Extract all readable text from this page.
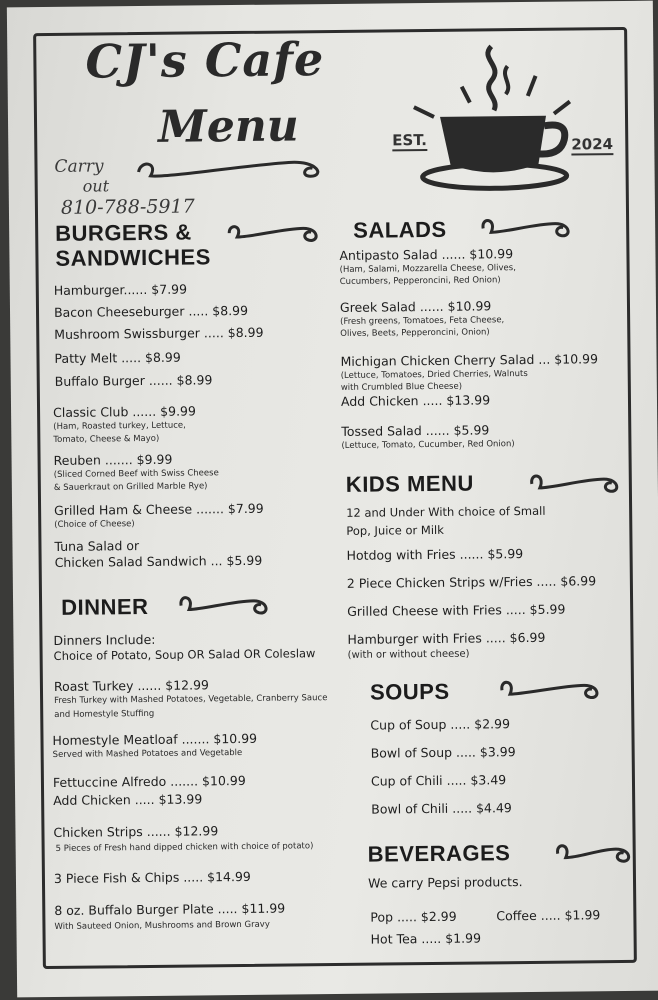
CJ's Cafe
Menu	EST.	2024
Carry
out
810-788-5917
BURGERS &
SANDWICHES
Hamburger...... $7.99
Bacon Cheeseburger ..... $8.99
Mushroom Swissburger ..... $8.99
Patty Melt ..... $8.99
Buffalo Burger ...... $8.99
Classic Club ...... $9.99
(Ham, Roasted turkey, Lettuce,
Tomato, Cheese & Mayo)
Reuben ....... $9.99
(Sliced Corned Beef with Swiss Cheese
& Sauerkraut on Grilled Marble Rye)
Grilled Ham & Cheese ....... $7.99
(Choice of Cheese)
Tuna Salad or
Chicken Salad Sandwich ... $5.99
DINNER
Dinners Include:
Choice of Potato, Soup OR Salad OR Coleslaw
Roast Turkey ...... $12.99
Fresh Turkey with Mashed Potatoes, Vegetable, Cranberry Sauce
and Homestyle Stuffing
Homestyle Meatloaf ....... $10.99
Served with Mashed Potatoes and Vegetable
Fettuccine Alfredo ....... $10.99
Add Chicken ..... $13.99
Chicken Strips ...... $12.99
5 Pieces of Fresh hand dipped chicken with choice of potato)
3 Piece Fish & Chips ..... $14.99
8 oz. Buffalo Burger Plate ..... $11.99
With Sauteed Onion, Mushrooms and Brown Gravy
SALADS
Antipasto Salad ...... $10.99
(Ham, Salami, Mozzarella Cheese, Olives,
Cucumbers, Pepperoncini, Red Onion)
Greek Salad ...... $10.99
(Fresh greens, Tomatoes, Feta Cheese,
Olives, Beets, Pepperoncini, Onion)
Michigan Chicken Cherry Salad ... $10.99
(Lettuce, Tomatoes, Dried Cherries, Walnuts
with Crumbled Blue Cheese)
Add Chicken ..... $13.99
Tossed Salad ...... $5.99
(Lettuce, Tomato, Cucumber, Red Onion)
KIDS MENU
12 and Under With choice of Small
Pop, Juice or Milk
Hotdog with Fries ...... $5.99
2 Piece Chicken Strips w/Fries ..... $6.99
Grilled Cheese with Fries ..... $5.99
Hamburger with Fries ..... $6.99
(with or without cheese)
SOUPS
Cup of Soup ..... $2.99
Bowl of Soup ..... $3.99
Cup of Chili ..... $3.49
Bowl of Chili ..... $4.49
BEVERAGES
We carry Pepsi products.
Pop ..... $2.99	Coffee ..... $1.99
Hot Tea ..... $1.99
